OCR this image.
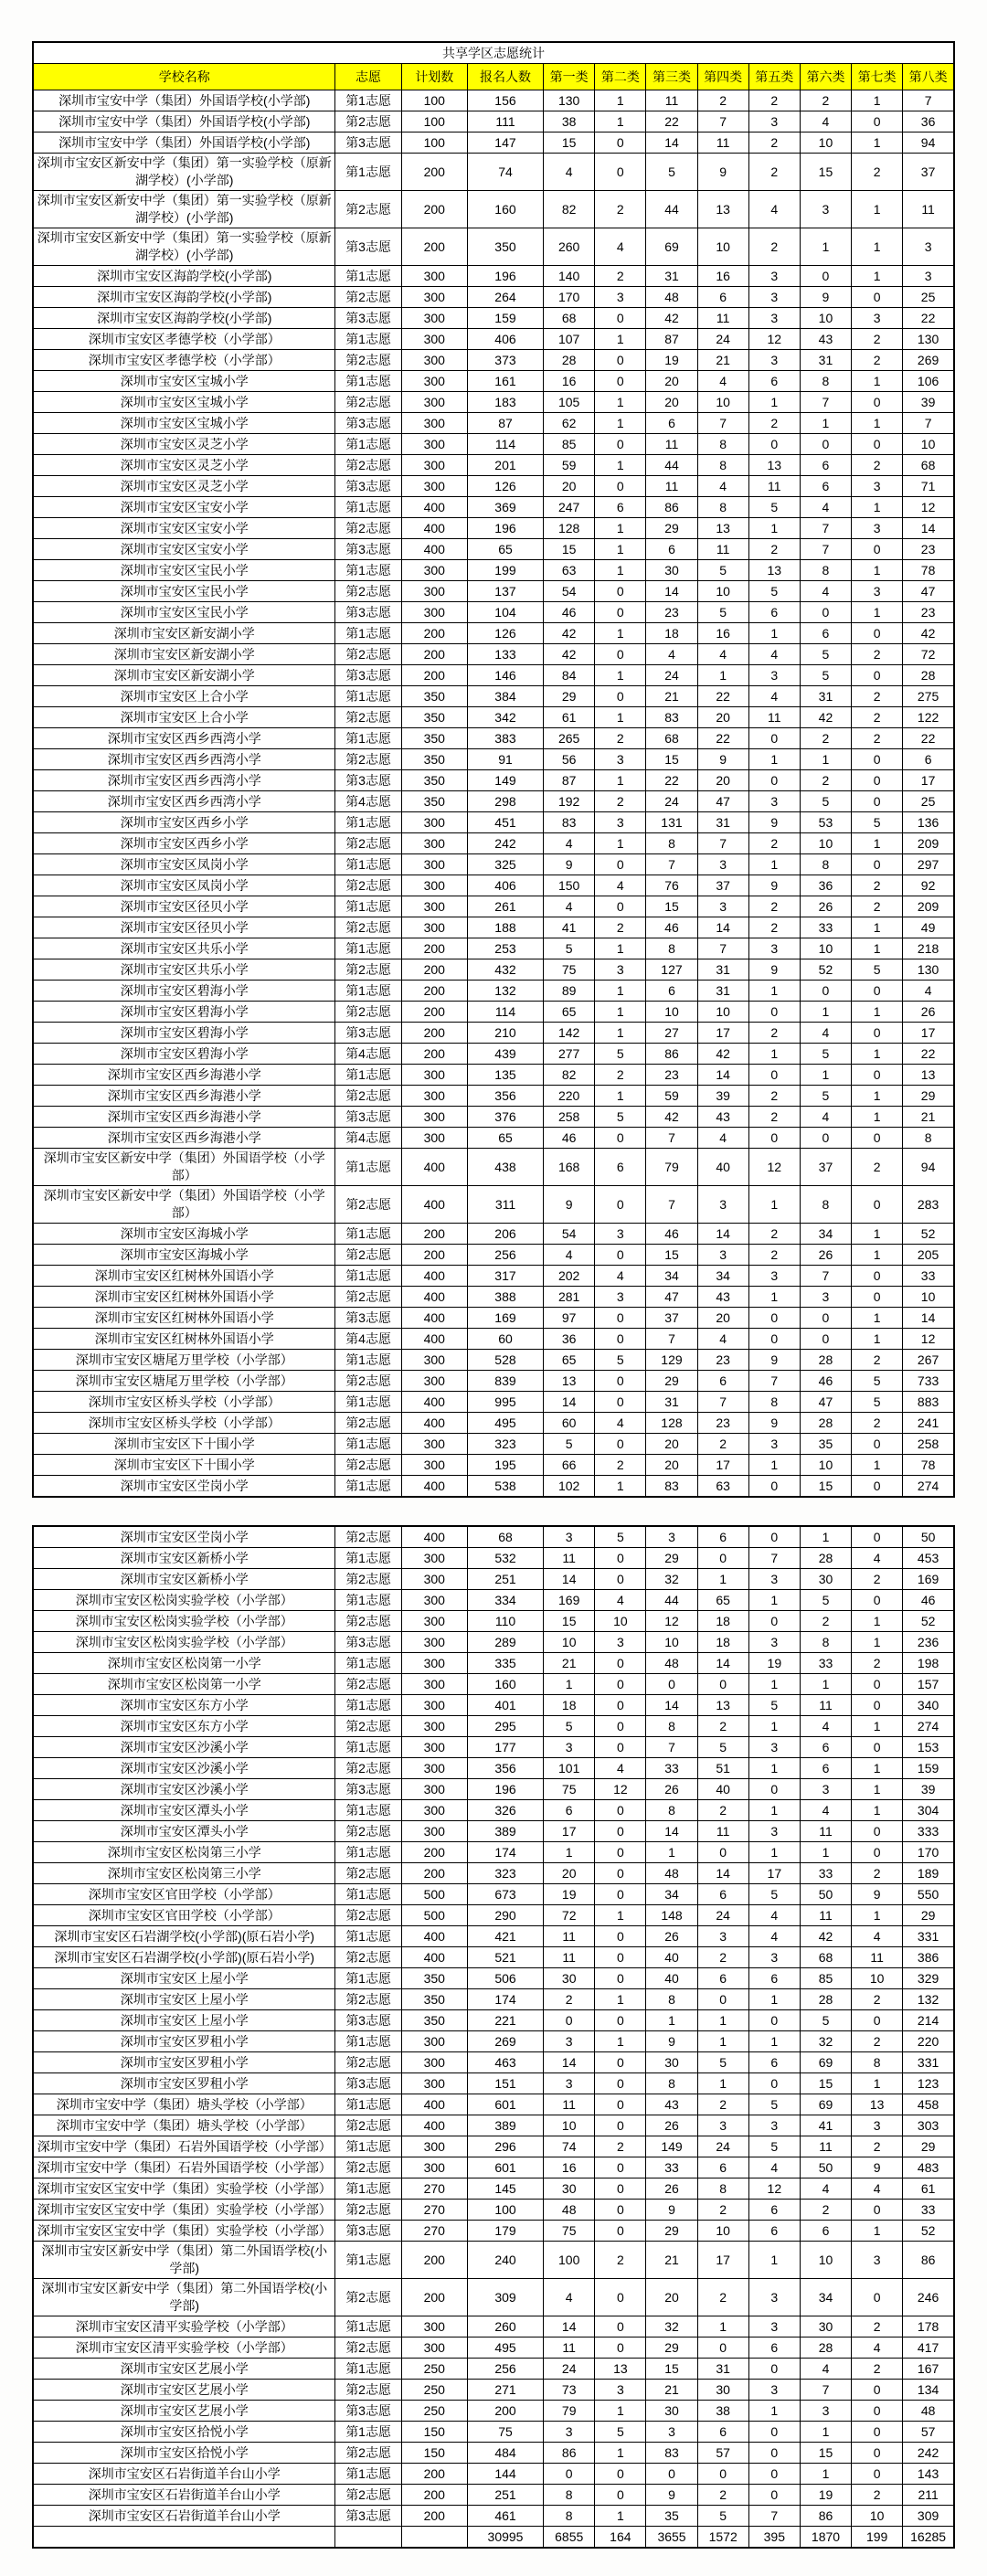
共享学区志愿统计											
学校名称	志愿	计划数	报名人数	第一类	第二类	第三类	第四类	第五类	第六类	第七类	第八类
深圳市宝安中学（集团）外国语学校(小学部)	第1志愿	100	156	130	1	11	2	2	2	1	7
深圳市宝安中学（集团）外国语学校(小学部)	第2志愿	100	111	38	1	22	7	3	4	0	36
深圳市宝安中学（集团）外国语学校(小学部)	第3志愿	100	147	15	0	14	11	2	10	1	94
深圳市宝安区新安中学（集团）第一实验学校（原新湖学校）(小学部)	第1志愿	200	74	4	0	5	9	2	15	2	37
深圳市宝安区新安中学（集团）第一实验学校（原新湖学校）(小学部)	第2志愿	200	160	82	2	44	13	4	3	1	11
深圳市宝安区新安中学（集团）第一实验学校（原新湖学校）(小学部)	第3志愿	200	350	260	4	69	10	2	1	1	3
深圳市宝安区海韵学校(小学部)	第1志愿	300	196	140	2	31	16	3	0	1	3
深圳市宝安区海韵学校(小学部)	第2志愿	300	264	170	3	48	6	3	9	0	25
深圳市宝安区海韵学校(小学部)	第3志愿	300	159	68	0	42	11	3	10	3	22
深圳市宝安区孝德学校（小学部）	第1志愿	300	406	107	1	87	24	12	43	2	130
深圳市宝安区孝德学校（小学部）	第2志愿	300	373	28	0	19	21	3	31	2	269
深圳市宝安区宝城小学	第1志愿	300	161	16	0	20	4	6	8	1	106
深圳市宝安区宝城小学	第2志愿	300	183	105	1	20	10	1	7	0	39
深圳市宝安区宝城小学	第3志愿	300	87	62	1	6	7	2	1	1	7
深圳市宝安区灵芝小学	第1志愿	300	114	85	0	11	8	0	0	0	10
深圳市宝安区灵芝小学	第2志愿	300	201	59	1	44	8	13	6	2	68
深圳市宝安区灵芝小学	第3志愿	300	126	20	0	11	4	11	6	3	71
深圳市宝安区宝安小学	第1志愿	400	369	247	6	86	8	5	4	1	12
深圳市宝安区宝安小学	第2志愿	400	196	128	1	29	13	1	7	3	14
深圳市宝安区宝安小学	第3志愿	400	65	15	1	6	11	2	7	0	23
深圳市宝安区宝民小学	第1志愿	300	199	63	1	30	5	13	8	1	78
深圳市宝安区宝民小学	第2志愿	300	137	54	0	14	10	5	4	3	47
深圳市宝安区宝民小学	第3志愿	300	104	46	0	23	5	6	0	1	23
深圳市宝安区新安湖小学	第1志愿	200	126	42	1	18	16	1	6	0	42
深圳市宝安区新安湖小学	第2志愿	200	133	42	0	4	4	4	5	2	72
深圳市宝安区新安湖小学	第3志愿	200	146	84	1	24	1	3	5	0	28
深圳市宝安区上合小学	第1志愿	350	384	29	0	21	22	4	31	2	275
深圳市宝安区上合小学	第2志愿	350	342	61	1	83	20	11	42	2	122
深圳市宝安区西乡西湾小学	第1志愿	350	383	265	2	68	22	0	2	2	22
深圳市宝安区西乡西湾小学	第2志愿	350	91	56	3	15	9	1	1	0	6
深圳市宝安区西乡西湾小学	第3志愿	350	149	87	1	22	20	0	2	0	17
深圳市宝安区西乡西湾小学	第4志愿	350	298	192	2	24	47	3	5	0	25
深圳市宝安区西乡小学	第1志愿	300	451	83	3	131	31	9	53	5	136
深圳市宝安区西乡小学	第2志愿	300	242	4	1	8	7	2	10	1	209
深圳市宝安区凤岗小学	第1志愿	300	325	9	0	7	3	1	8	0	297
深圳市宝安区凤岗小学	第2志愿	300	406	150	4	76	37	9	36	2	92
深圳市宝安区径贝小学	第1志愿	300	261	4	0	15	3	2	26	2	209
深圳市宝安区径贝小学	第2志愿	300	188	41	2	46	14	2	33	1	49
深圳市宝安区共乐小学	第1志愿	200	253	5	1	8	7	3	10	1	218
深圳市宝安区共乐小学	第2志愿	200	432	75	3	127	31	9	52	5	130
深圳市宝安区碧海小学	第1志愿	200	132	89	1	6	31	1	0	0	4
深圳市宝安区碧海小学	第2志愿	200	114	65	1	10	10	0	1	1	26
深圳市宝安区碧海小学	第3志愿	200	210	142	1	27	17	2	4	0	17
深圳市宝安区碧海小学	第4志愿	200	439	277	5	86	42	1	5	1	22
深圳市宝安区西乡海港小学	第1志愿	300	135	82	2	23	14	0	1	0	13
深圳市宝安区西乡海港小学	第2志愿	300	356	220	1	59	39	2	5	1	29
深圳市宝安区西乡海港小学	第3志愿	300	376	258	5	42	43	2	4	1	21
深圳市宝安区西乡海港小学	第4志愿	300	65	46	0	7	4	0	0	0	8
深圳市宝安区新安中学（集团）外国语学校（小学部）	第1志愿	400	438	168	6	79	40	12	37	2	94
深圳市宝安区新安中学（集团）外国语学校（小学部）	第2志愿	400	311	9	0	7	3	1	8	0	283
深圳市宝安区海城小学	第1志愿	200	206	54	3	46	14	2	34	1	52
深圳市宝安区海城小学	第2志愿	200	256	4	0	15	3	2	26	1	205
深圳市宝安区红树林外国语小学	第1志愿	400	317	202	4	34	34	3	7	0	33
深圳市宝安区红树林外国语小学	第2志愿	400	388	281	3	47	43	1	3	0	10
深圳市宝安区红树林外国语小学	第3志愿	400	169	97	0	37	20	0	0	1	14
深圳市宝安区红树林外国语小学	第4志愿	400	60	36	0	7	4	0	0	1	12
深圳市宝安区塘尾万里学校（小学部）	第1志愿	300	528	65	5	129	23	9	28	2	267
深圳市宝安区塘尾万里学校（小学部）	第2志愿	300	839	13	0	29	6	7	46	5	733
深圳市宝安区桥头学校（小学部）	第1志愿	400	995	14	0	31	7	8	47	5	883
深圳市宝安区桥头学校（小学部）	第2志愿	400	495	60	4	128	23	9	28	2	241
深圳市宝安区下十围小学	第1志愿	300	323	5	0	20	2	3	35	0	258
深圳市宝安区下十围小学	第2志愿	300	195	66	2	20	17	1	10	1	78
深圳市宝安区坣岗小学	第1志愿	400	538	102	1	83	63	0	15	0	274
深圳市宝安区坣岗小学	第2志愿	400	68	3	5	3	6	0	1	0	50
深圳市宝安区新桥小学	第1志愿	300	532	11	0	29	0	7	28	4	453
深圳市宝安区新桥小学	第2志愿	300	251	14	0	32	1	3	30	2	169
深圳市宝安区松岗实验学校（小学部）	第1志愿	300	334	169	4	44	65	1	5	0	46
深圳市宝安区松岗实验学校（小学部）	第2志愿	300	110	15	10	12	18	0	2	1	52
深圳市宝安区松岗实验学校（小学部）	第3志愿	300	289	10	3	10	18	3	8	1	236
深圳市宝安区松岗第一小学	第1志愿	300	335	21	0	48	14	19	33	2	198
深圳市宝安区松岗第一小学	第2志愿	300	160	1	0	0	0	1	1	0	157
深圳市宝安区东方小学	第1志愿	300	401	18	0	14	13	5	11	0	340
深圳市宝安区东方小学	第2志愿	300	295	5	0	8	2	1	4	1	274
深圳市宝安区沙溪小学	第1志愿	300	177	3	0	7	5	3	6	0	153
深圳市宝安区沙溪小学	第2志愿	300	356	101	4	33	51	1	6	1	159
深圳市宝安区沙溪小学	第3志愿	300	196	75	12	26	40	0	3	1	39
深圳市宝安区潭头小学	第1志愿	300	326	6	0	8	2	1	4	1	304
深圳市宝安区潭头小学	第2志愿	300	389	17	0	14	11	3	11	0	333
深圳市宝安区松岗第三小学	第1志愿	200	174	1	0	1	0	1	1	0	170
深圳市宝安区松岗第三小学	第2志愿	200	323	20	0	48	14	17	33	2	189
深圳市宝安区官田学校（小学部）	第1志愿	500	673	19	0	34	6	5	50	9	550
深圳市宝安区官田学校（小学部）	第2志愿	500	290	72	1	148	24	4	11	1	29
深圳市宝安区石岩湖学校(小学部)(原石岩小学)	第1志愿	400	421	11	0	26	3	4	42	4	331
深圳市宝安区石岩湖学校(小学部)(原石岩小学)	第2志愿	400	521	11	0	40	2	3	68	11	386
深圳市宝安区上屋小学	第1志愿	350	506	30	0	40	6	6	85	10	329
深圳市宝安区上屋小学	第2志愿	350	174	2	1	8	0	1	28	2	132
深圳市宝安区上屋小学	第3志愿	350	221	0	0	1	1	0	5	0	214
深圳市宝安区罗租小学	第1志愿	300	269	3	1	9	1	1	32	2	220
深圳市宝安区罗租小学	第2志愿	300	463	14	0	30	5	6	69	8	331
深圳市宝安区罗租小学	第3志愿	300	151	3	0	8	1	0	15	1	123
深圳市宝安中学（集团）塘头学校（小学部）	第1志愿	400	601	11	0	43	2	5	69	13	458
深圳市宝安中学（集团）塘头学校（小学部）	第2志愿	400	389	10	0	26	3	3	41	3	303
深圳市宝安中学（集团）石岩外国语学校（小学部）	第1志愿	300	296	74	2	149	24	5	11	2	29
深圳市宝安中学（集团）石岩外国语学校（小学部）	第2志愿	300	601	16	0	33	6	4	50	9	483
深圳市宝安区宝安中学（集团）实验学校（小学部）	第1志愿	270	145	30	0	26	8	12	4	4	61
深圳市宝安区宝安中学（集团）实验学校（小学部）	第2志愿	270	100	48	0	9	2	6	2	0	33
深圳市宝安区宝安中学（集团）实验学校（小学部）	第3志愿	270	179	75	0	29	10	6	6	1	52
深圳市宝安区新安中学（集团）第二外国语学校(小学部)	第1志愿	200	240	100	2	21	17	1	10	3	86
深圳市宝安区新安中学（集团）第二外国语学校(小学部)	第2志愿	200	309	4	0	20	2	3	34	0	246
深圳市宝安区清平实验学校（小学部）	第1志愿	300	260	14	0	32	1	3	30	2	178
深圳市宝安区清平实验学校（小学部）	第2志愿	300	495	11	0	29	0	6	28	4	417
深圳市宝安区艺展小学	第1志愿	250	256	24	13	15	31	0	4	2	167
深圳市宝安区艺展小学	第2志愿	250	271	73	3	21	30	3	7	0	134
深圳市宝安区艺展小学	第3志愿	250	200	79	1	30	38	1	3	0	48
深圳市宝安区拾悦小学	第1志愿	150	75	3	5	3	6	0	1	0	57
深圳市宝安区拾悦小学	第2志愿	150	484	86	1	83	57	0	15	0	242
深圳市宝安区石岩街道羊台山小学	第1志愿	200	144	0	0	0	0	0	1	0	143
深圳市宝安区石岩街道羊台山小学	第2志愿	200	251	8	0	9	2	0	19	2	211
深圳市宝安区石岩街道羊台山小学	第3志愿	200	461	8	1	35	5	7	86	10	309
			30995	6855	164	3655	1572	395	1870	199	16285
